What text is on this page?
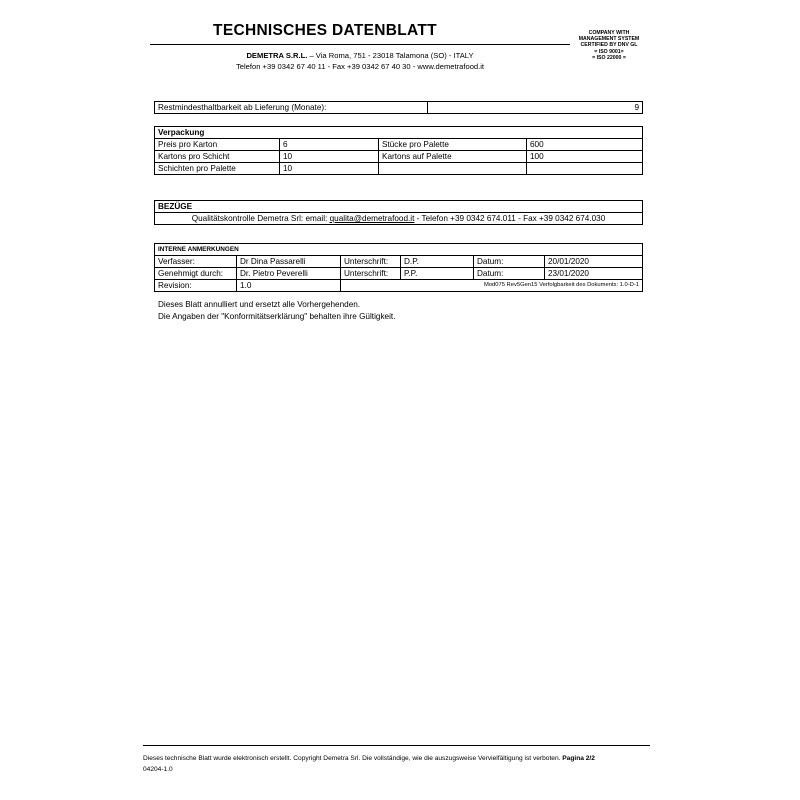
TECHNISCHES DATENBLATT
DEMETRA S.R.L. – Via Roma, 751 - 23018 Talamona (SO) - ITALY
Telefon +39 0342 67 40 11 - Fax +39 0342 67 40 30 - www.demetrafood.it
COMPANY WITH
MANAGEMENT SYSTEM
CERTIFIED BY DNV GL
= ISO 9001=
= ISO 22000 =
Restmindesthaltbarkeit ab Lieferung (Monate):	9
Verpackung			
Preis pro Karton	6	Stücke pro Palette	600
Kartons pro Schicht	10	Kartons auf Palette	100
Schichten pro Palette	10		
BEZÜGE
Qualitätskontrolle Demetra Srl: email: qualita@demetrafood.it - Telefon +39 0342 674.011 - Fax +39 0342 674.030
INTERNE ANMERKUNGEN					
Verfasser:	Dr Dina Passarelli	Unterschrift:	D.P.	Datum:	20/01/2020
Genehmigt durch:	Dr. Pietro Peverelli	Unterschrift:	P.P.	Datum:	23/01/2020
Revision:	1.0	Mod075 Rev5Gen15 Verfolgbarkeit des Dokuments: 1.0-D-1			
Dieses Blatt annulliert und ersetzt alle Vorhergehenden.
Die Angaben der "Konformitätserklärung" behalten ihre Gültigkeit.
Dieses technische Blatt wurde elektronisch erstellt. Copyright Demetra Srl. Die vollständige, wie die auszugsweise Vervielfältigung ist verboten. Pagina 2/2
04204-1.0
